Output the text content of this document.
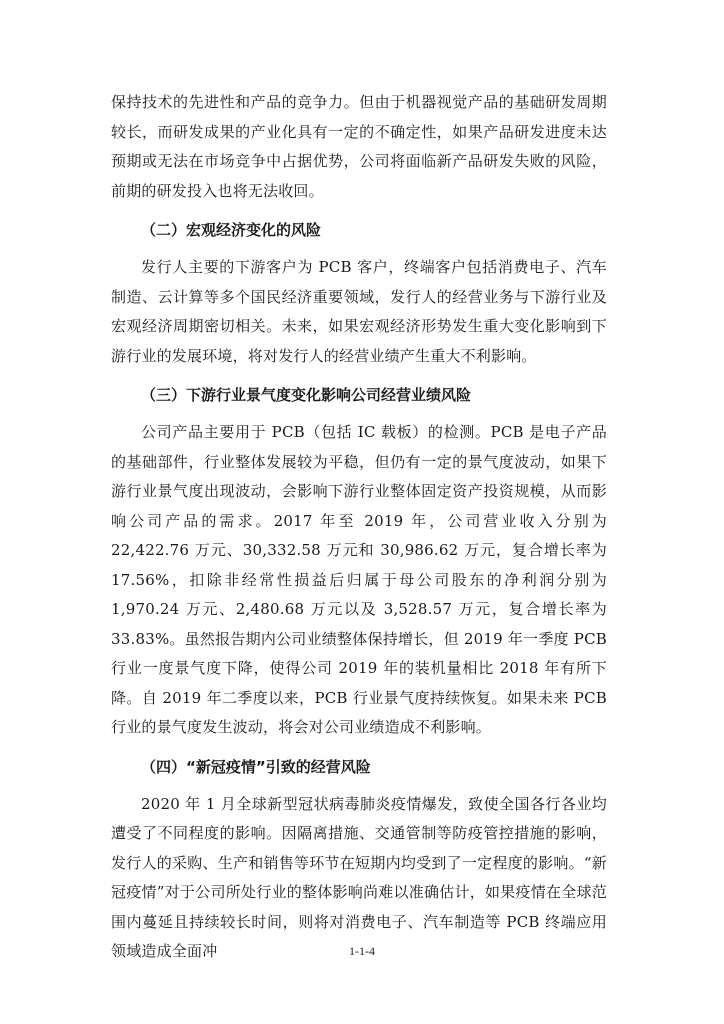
保持技术的先进性和产品的竞争力。但由于机器视觉产品的基础研发周期较长，而研发成果的产业化具有一定的不确定性，如果产品研发进度未达预期或无法在市场竞争中占据优势，公司将面临新产品研发失败的风险，前期的研发投入也将无法收回。

（二）宏观经济变化的风险

发行人主要的下游客户为 PCB 客户，终端客户包括消费电子、汽车制造、云计算等多个国民经济重要领域，发行人的经营业务与下游行业及宏观经济周期密切相关。未来，如果宏观经济形势发生重大变化影响到下游行业的发展环境，将对发行人的经营业绩产生重大不利影响。

（三）下游行业景气度变化影响公司经营业绩风险

公司产品主要用于 PCB（包括 IC 载板）的检测。PCB 是电子产品的基础部件，行业整体发展较为平稳，但仍有一定的景气度波动，如果下游行业景气度出现波动，会影响下游行业整体固定资产投资规模，从而影响公司产品的需求。2017 年至 2019 年，公司营业收入分别为 22,422.76 万元、30,332.58 万元和 30,986.62 万元，复合增长率为 17.56%，扣除非经常性损益后归属于母公司股东的净利润分别为 1,970.24 万元、2,480.68 万元以及 3,528.57 万元，复合增长率为 33.83%。虽然报告期内公司业绩整体保持增长，但 2019 年一季度 PCB 行业一度景气度下降，使得公司 2019 年的装机量相比 2018 年有所下降。自 2019 年二季度以来，PCB 行业景气度持续恢复。如果未来 PCB 行业的景气度发生波动，将会对公司业绩造成不利影响。

（四）“新冠疫情”引致的经营风险

2020 年 1 月全球新型冠状病毒肺炎疫情爆发，致使全国各行各业均遭受了不同程度的影响。因隔离措施、交通管制等防疫管控措施的影响，发行人的采购、生产和销售等环节在短期内均受到了一定程度的影响。“新冠疫情”对于公司所处行业的整体影响尚难以准确估计，如果疫情在全球范围内蔓延且持续较长时间，则将对消费电子、汽车制造等 PCB 终端应用领域造成全面冲	1-1-4
